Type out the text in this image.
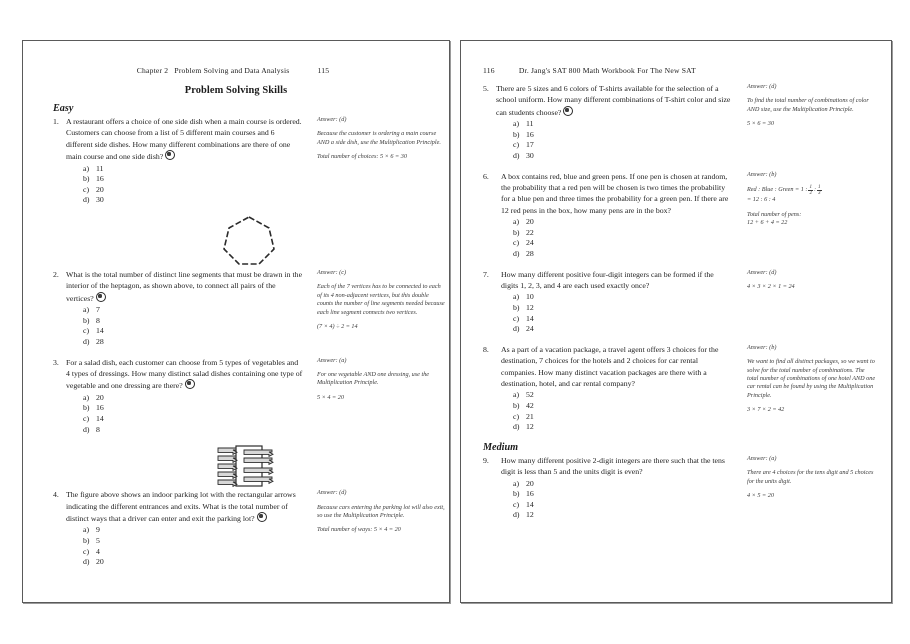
Chapter 2 Problem Solving and Data Analysis	115
Problem Solving Skills
Easy
1. A restaurant offers a choice of one side dish when a main course is ordered. Customers can choose from a list of 5 different main courses and 6 different side dishes. How many different combinations are there of one main course and one side dish?
a) 11
b) 16
c) 20
d) 30
Answer: (d)

Because the customer is ordering a main course AND a side dish, use the Multiplication Principle.

Total number of choices: 5 × 6 = 30

2. What is the total number of distinct line segments that must be drawn in the interior of the heptagon, as shown above, to connect all pairs of the vertices?
a) 7
b) 8
c) 14
d) 28
Answer: (c)

Each of the 7 vertices has to be connected to each of its 4 non-adjacent vertices, but this double counts the number of line segments needed because each line segment connects two vertices.

(7 × 4) ÷ 2 = 14

3. For a salad dish, each customer can choose from 5 types of vegetables and 4 types of dressings. How many distinct salad dishes containing one type of vegetable and one dressing are there?
a) 20
b) 16
c) 14
d) 8
Answer: (a)

For one vegetable AND one dressing, use the Multiplication Principle.

5 × 4 = 20

4. The figure above shows an indoor parking lot with the rectangular arrows indicating the different entrances and exits. What is the total number of distinct ways that a driver can enter and exit the parking lot?
a) 9
b) 5
c) 4
d) 20
Answer: (d)

Because cars entering the parking lot will also exit, so use the Multiplication Principle.

Total number of ways: 5 × 4 = 20

116	Dr. Jang's SAT 800 Math Workbook For The New SAT
5. There are 5 sizes and 6 colors of T-shirts available for the selection of a school uniform. How many different combinations of T-shirt color and size can students choose?
a) 11
b) 16
c) 17
d) 30
Answer: (d)

To find the total number of combinations of color AND size, use the Multiplication Principle.

5 × 6 = 30

6.	A box contains red, blue and green pens. If one pen is chosen at random, the probability that a red pen will be chosen is two times the probability for a blue pen and three times the probability for a green pen. If there are 12 red pens in the box, how many pens are in the box?
a) 20
b) 22
c) 24
d) 28
Answer: (b)

Red : Blue : Green = 1 : $\frac{1}{2}$ : $\frac{1}{3}$

= 12 : 6 : 4

Total number of pens:
12 + 6 + 4 = 22

7.	How many different positive four-digit integers can be formed if the digits 1, 2, 3, and 4 are each used exactly once?
a) 10
b) 12
c) 14
d) 24
Answer: (d)

4 × 3 × 2 × 1 = 24

8.	As a part of a vacation package, a travel agent offers 3 choices for the destination, 7 choices for the hotels and 2 choices for car rental companies. How many distinct vacation packages are there with a destination, hotel, and car rental company?
a) 52
b) 42
c) 21
d) 12
Answer: (b)

We want to find all distinct packages, so we want to solve for the total number of combinations. The total number of combinations of one hotel AND one car rental can be found by using the Multiplication Principle.

3 × 7 × 2 = 42

Medium
9.	How many different positive 2-digit integers are there such that the tens digit is less than 5 and the units digit is even?
a) 20
b) 16
c) 14
d) 12
Answer: (a)

There are 4 choices for the tens digit and 5 choices for the units digit.

4 × 5 = 20
